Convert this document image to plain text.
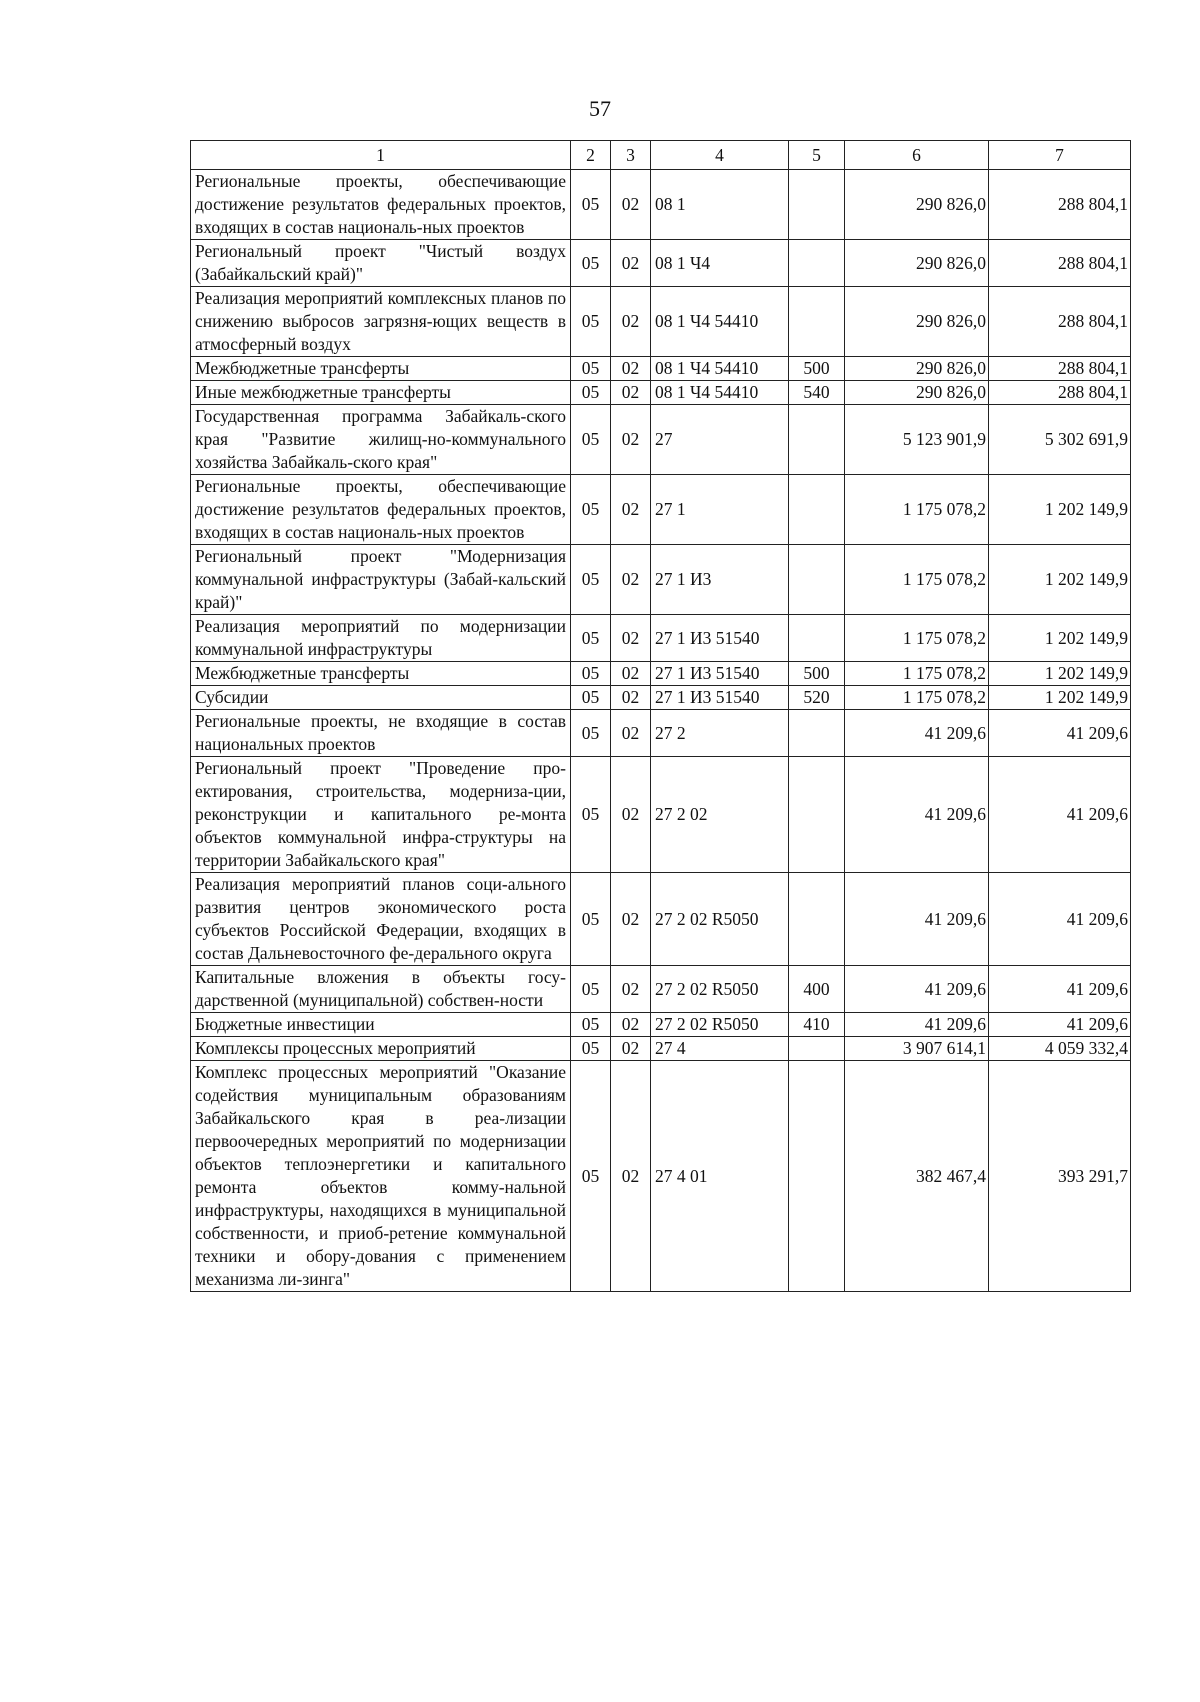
57
1	2	3	4	5	6	7
Региональные проекты, обеспечивающие достижение результатов федеральных проектов, входящих в состав националь-ных проектов	05	02	08 1		290 826,0	288 804,1
Региональный проект "Чистый воздух (Забайкальский край)"	05	02	08 1 Ч4		290 826,0	288 804,1
Реализация мероприятий комплексных планов по снижению выбросов загрязня-ющих веществ в атмосферный воздух	05	02	08 1 Ч4 54410		290 826,0	288 804,1
Межбюджетные трансферты	05	02	08 1 Ч4 54410	500	290 826,0	288 804,1
Иные межбюджетные трансферты	05	02	08 1 Ч4 54410	540	290 826,0	288 804,1
Государственная программа Забайкаль-ского края "Развитие жилищ-но-коммунального хозяйства Забайкаль-ского края"	05	02	27		5 123 901,9	5 302 691,9
Региональные проекты, обеспечивающие достижение результатов федеральных проектов, входящих в состав националь-ных проектов	05	02	27 1		1 175 078,2	1 202 149,9
Региональный проект "Модернизация коммунальной инфраструктуры (Забай-кальский край)"	05	02	27 1 И3		1 175 078,2	1 202 149,9
Реализация мероприятий по модернизации коммунальной инфраструктуры	05	02	27 1 И3 51540		1 175 078,2	1 202 149,9
Межбюджетные трансферты	05	02	27 1 И3 51540	500	1 175 078,2	1 202 149,9
Субсидии	05	02	27 1 И3 51540	520	1 175 078,2	1 202 149,9
Региональные проекты, не входящие в состав национальных проектов	05	02	27 2		41 209,6	41 209,6
Региональный проект "Проведение про-ектирования, строительства, модерниза-ции, реконструкции и капитального ре-монта объектов коммунальной инфра-структуры на территории Забайкальского края"	05	02	27 2 02		41 209,6	41 209,6
Реализация мероприятий планов соци-ального развития центров экономического роста субъектов Российской Федерации, входящих в состав Дальневосточного фе-дерального округа	05	02	27 2 02 R5050		41 209,6	41 209,6
Капитальные вложения в объекты госу-дарственной (муниципальной) собствен-ности	05	02	27 2 02 R5050	400	41 209,6	41 209,6
Бюджетные инвестиции	05	02	27 2 02 R5050	410	41 209,6	41 209,6
Комплексы процессных мероприятий	05	02	27 4		3 907 614,1	4 059 332,4
Комплекс процессных мероприятий "Оказание содействия муниципальным образованиям Забайкальского края в реа-лизации первоочередных мероприятий по модернизации объектов теплоэнергетики и капитального ремонта объектов комму-нальной инфраструктуры, находящихся в муниципальной собственности, и приоб-ретение коммунальной техники и обору-дования с применением механизма ли-зинга"	05	02	27 4 01		382 467,4	393 291,7
